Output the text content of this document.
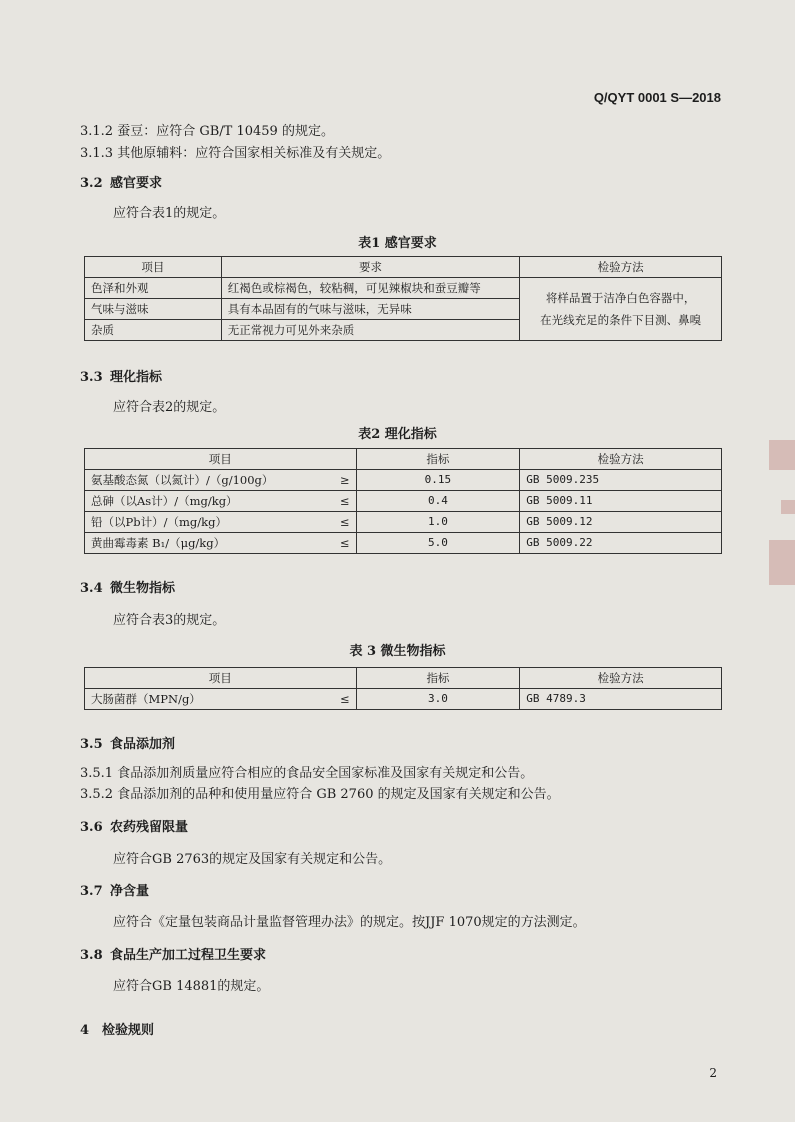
Q/QYT 0001 S—2018
3.1.2 蚕豆：应符合 GB/T 10459 的规定。
3.1.3 其他原辅料：应符合国家相关标准及有关规定。
3.2 感官要求
应符合表1的规定。
表1 感官要求
项目	要求	检验方法
色泽和外观	红褐色或棕褐色，较粘稠，可见辣椒块和蚕豆瓣等	将样品置于洁净白色容器中，
在光线充足的条件下目测、鼻嗅

气味与滋味	具有本品固有的气味与滋味，无异味	
杂质	无正常视力可见外来杂质	
3.3 理化指标
应符合表2的规定。
表2 理化指标
项目	指标	检验方法
氨基酸态氮（以氮计）/（g/100g） ≥	0.15	GB 5009.235
总砷（以As计）/（mg/kg） ≤	0.4	GB 5009.11
铅（以Pb计）/（mg/kg） ≤	1.0	GB 5009.12
黄曲霉毒素 B₁/（μg/kg） ≤	5.0	GB 5009.22
3.4 微生物指标
应符合表3的规定。
表 3 微生物指标
项目	指标	检验方法
大肠菌群（MPN/g） ≤	3.0	GB 4789.3
3.5 食品添加剂
3.5.1 食品添加剂质量应符合相应的食品安全国家标准及国家有关规定和公告。
3.5.2 食品添加剂的品种和使用量应符合 GB 2760 的规定及国家有关规定和公告。
3.6 农药残留限量
应符合GB 2763的规定及国家有关规定和公告。
3.7 净含量
应符合《定量包装商品计量监督管理办法》的规定。按JJF 1070规定的方法测定。
3.8 食品生产加工过程卫生要求
应符合GB 14881的规定。
4 检验规则
2
